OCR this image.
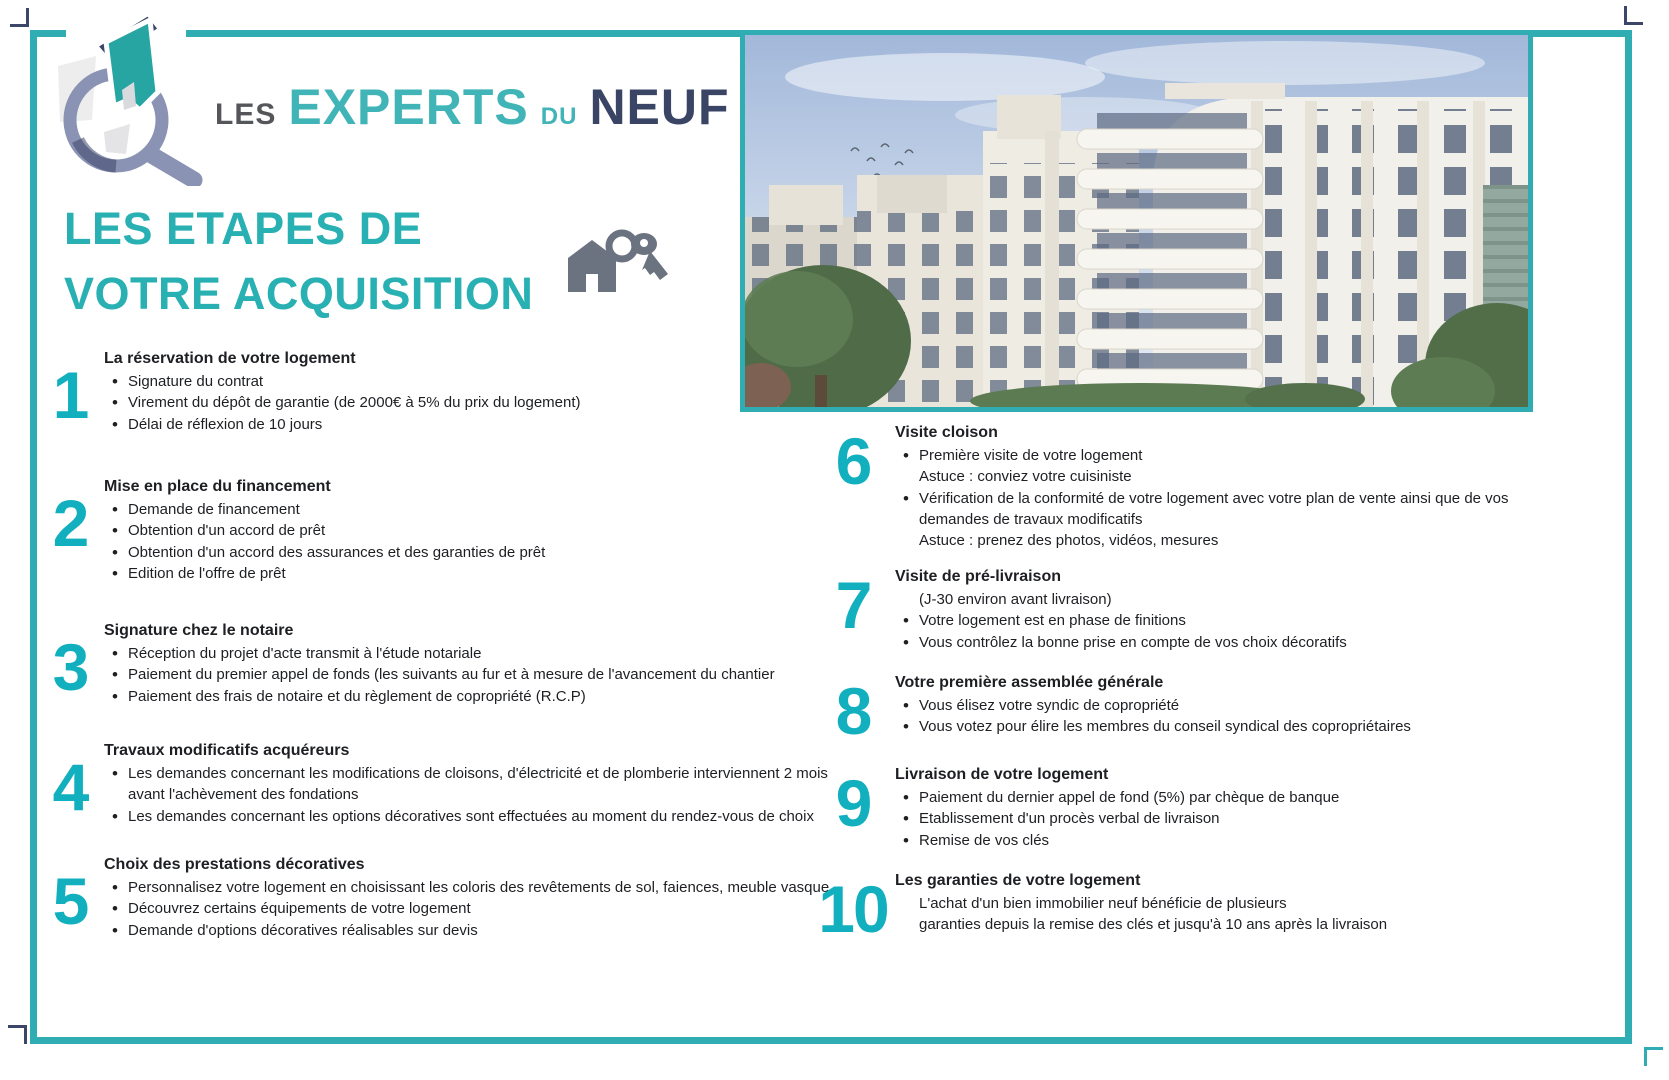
LES EXPERTS DU NEUF
LES ETAPES DE
VOTRE ACQUISITION
1	La réservation de votre logement

• Signature du contrat
• Virement du dépôt de garantie (de 2000€ à 5% du prix du logement)
• Délai de réflexion de 10 jours
2	Mise en place du financement

• Demande de financement
• Obtention d'un accord de prêt
• Obtention d'un accord des assurances et des garanties de prêt
• Edition de l'offre de prêt
3	Signature chez le notaire

• Réception du projet d'acte transmit à l'étude notariale
• Paiement du premier appel de fonds (les suivants au fur et à mesure de l'avancement du chantier
• Paiement des frais de notaire et du règlement de copropriété (R.C.P)
4	Travaux modificatifs acquéreurs

• Les demandes concernant les modifications de cloisons, d'électricité et de plomberie interviennent 2 mois avant l'achèvement des fondations
• Les demandes concernant les options décoratives sont effectuées au moment du rendez-vous de choix
5	Choix des prestations décoratives

• Personnalisez votre logement en choisissant les coloris des revêtements de sol, faiences, meuble vasque...
• Découvrez certains équipements de votre logement
• Demande d'options décoratives réalisables sur devis
6	Visite cloison

• Première visite de votre logement
Astuce : conviez votre cuisiniste
• Vérification de la conformité de votre logement avec votre plan de vente ainsi que de vos demandes de travaux modificatifs
Astuce : prenez des photos, vidéos, mesures
7	Visite de pré-livraison

(J-30 environ avant livraison)
• Votre logement est en phase de finitions
• Vous contrôlez la bonne prise en compte de vos choix décoratifs
8	Votre première assemblée générale

• Vous élisez votre syndic de copropriété
• Vous votez pour élire les membres du conseil syndical des copropriétaires
9	Livraison de votre logement

• Paiement du dernier appel de fond (5%) par chèque de banque
• Etablissement d'un procès verbal de livraison
• Remise de vos clés
10 Les garanties de votre logement

L'achat d'un bien immobilier neuf bénéficie de plusieurs
garanties depuis la remise des clés et jusqu'à 10 ans après la livraison
